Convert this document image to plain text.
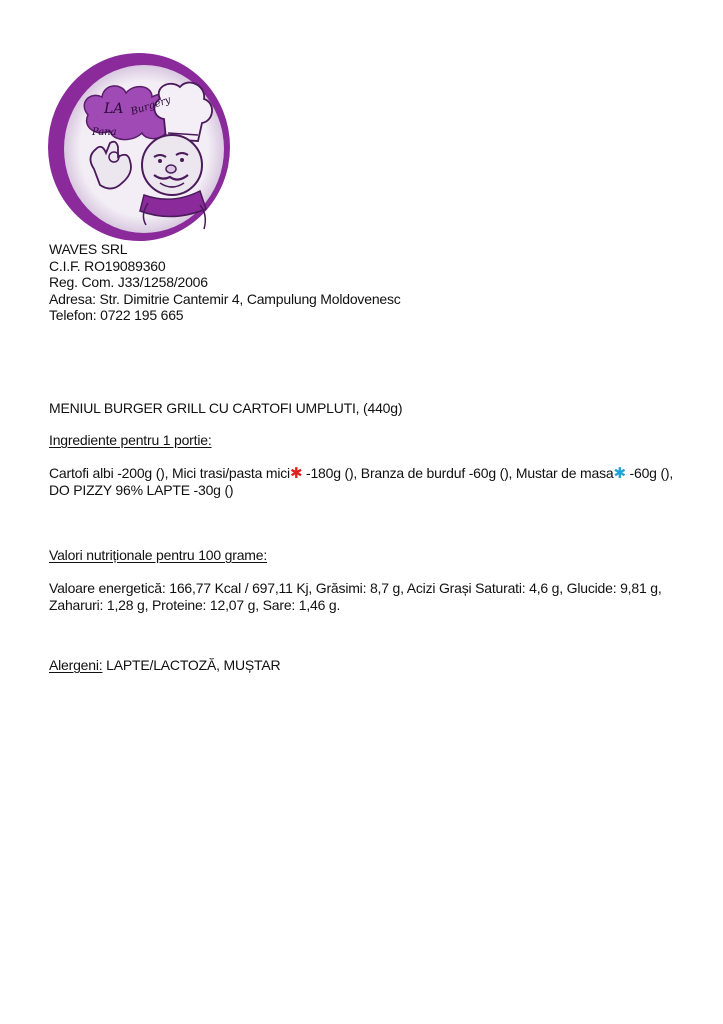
LA
Pana
Burgery
WAVES SRL
C.I.F. RO19089360
Reg. Com. J33/1258/2006
Adresa: Str. Dimitrie Cantemir 4, Campulung Moldovenesc
Telefon: 0722 195 665
MENIUL BURGER GRILL CU CARTOFI UMPLUTI, (440g)
Ingrediente pentru 1 portie:
Cartofi albi -200g (), Mici trasi/pasta mici✱ -180g (), Branza de burduf -60g (), Mustar de masa✱ -60g (), DO PIZZY 96% LAPTE -30g ()
Valori nutriționale pentru 100 grame:
Valoare energetică: 166,77 Kcal / 697,11 Kj, Grăsimi: 8,7 g, Acizi Grași Saturati: 4,6 g, Glucide: 9,81 g, Zaharuri: 1,28 g, Proteine: 12,07 g, Sare: 1,46 g.
Alergeni: LAPTE/LACTOZĂ, MUȘTAR
